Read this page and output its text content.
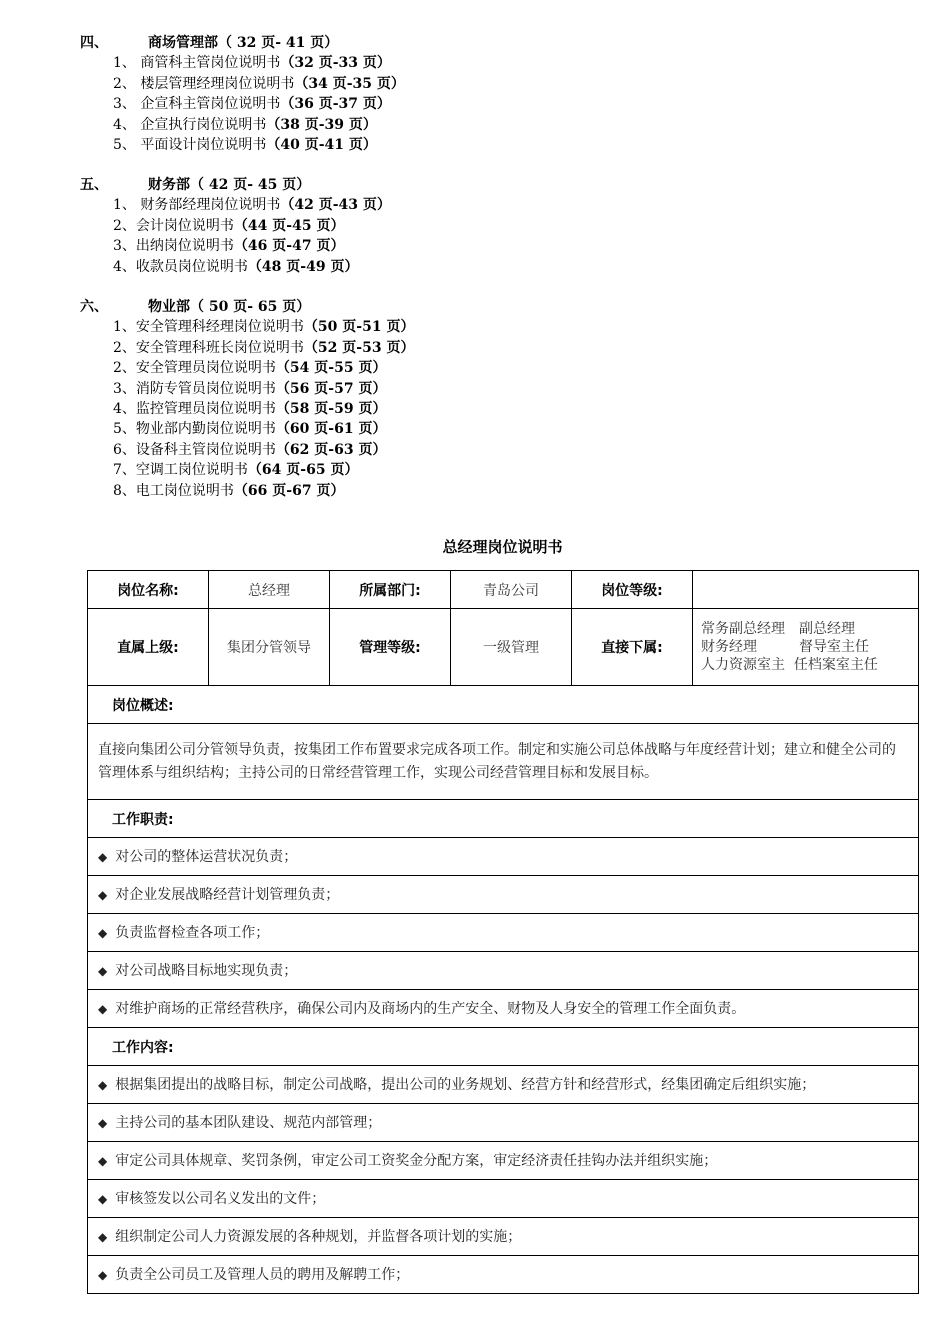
四、	商场管理部（ 32 页- 41 页）
1、 商管科主管岗位说明书（32 页-33 页）
2、 楼层管理经理岗位说明书（34 页-35 页）
3、 企宣科主管岗位说明书（36 页-37 页）
4、 企宣执行岗位说明书（38 页-39 页）
5、 平面设计岗位说明书（40 页-41 页）
五、	财务部（ 42 页- 45 页）
1、 财务部经理岗位说明书（42 页-43 页）
2、会计岗位说明书（44 页-45 页）
3、出纳岗位说明书（46 页-47 页）
4、收款员岗位说明书（48 页-49 页）
六、	物业部（ 50 页- 65 页）
1、安全管理科经理岗位说明书（50 页-51 页）
2、安全管理科班长岗位说明书（52 页-53 页）
2、安全管理员岗位说明书（54 页-55 页）
3、消防专管员岗位说明书（56 页-57 页）
4、监控管理员岗位说明书（58 页-59 页）
5、物业部内勤岗位说明书（60 页-61 页）
6、设备科主管岗位说明书（62 页-63 页）
7、空调工岗位说明书（64 页-65 页）
8、电工岗位说明书（66 页-67 页）
总经理岗位说明书
岗位名称:	总经理	所属部门:	青岛公司	岗位等级:	
直属上级:	集团分管领导	管理等级:	一级管理	直接下属:	常务副总经理　副总经理
财务经理　　　督导室主任
人力资源室主  任档案室主任
岗位概述:					
直接向集团公司分管领导负责，按集团工作布置要求完成各项工作。制定和实施公司总体战略与年度经营计划；建立和健全公司的管理体系与组织结构；主持公司的日常经营管理工作，实现公司经营管理目标和发展目标。					
工作职责:					
◆ 对公司的整体运营状况负责；					
◆ 对企业发展战略经营计划管理负责；					
◆ 负责监督检查各项工作；					
◆ 对公司战略目标地实现负责；					
◆ 对维护商场的正常经营秩序，确保公司内及商场内的生产安全、财物及人身安全的管理工作全面负责。					
工作内容:					
◆ 根据集团提出的战略目标，制定公司战略，提出公司的业务规划、经营方针和经营形式，经集团确定后组织实施；					
◆ 主持公司的基本团队建设、规范内部管理；					
◆ 审定公司具体规章、奖罚条例，审定公司工资奖金分配方案，审定经济责任挂钩办法并组织实施；					
◆ 审核签发以公司名义发出的文件；					
◆ 组织制定公司人力资源发展的各种规划，并监督各项计划的实施；					
◆ 负责全公司员工及管理人员的聘用及解聘工作；					
